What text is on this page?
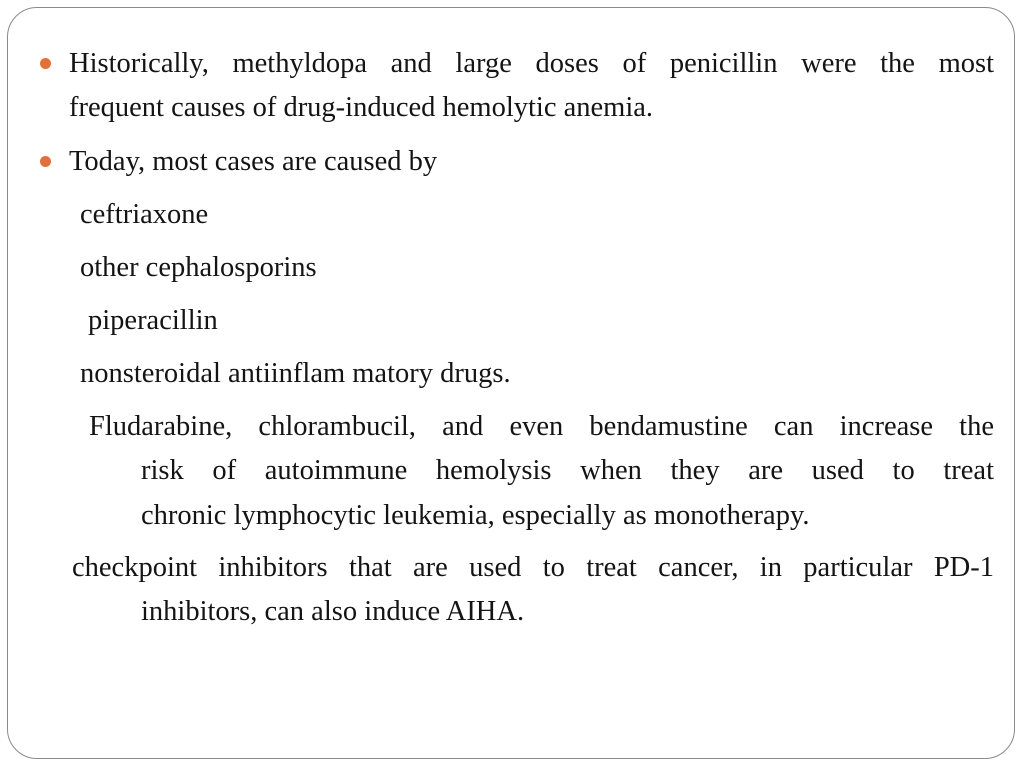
Historically, methyldopa and large doses of penicillin were the most
frequent causes of drug-induced hemolytic anemia.
Today, most cases are caused by
ceftriaxone
other cephalosporins
piperacillin
nonsteroidal antiinflam matory drugs.
Fludarabine, chlorambucil, and even bendamustine can increase the
risk of autoimmune hemolysis when they are used to treat
chronic lymphocytic leukemia, especially as monotherapy.
checkpoint inhibitors that are used to treat cancer, in particular PD-1
inhibitors, can also induce AIHA.
